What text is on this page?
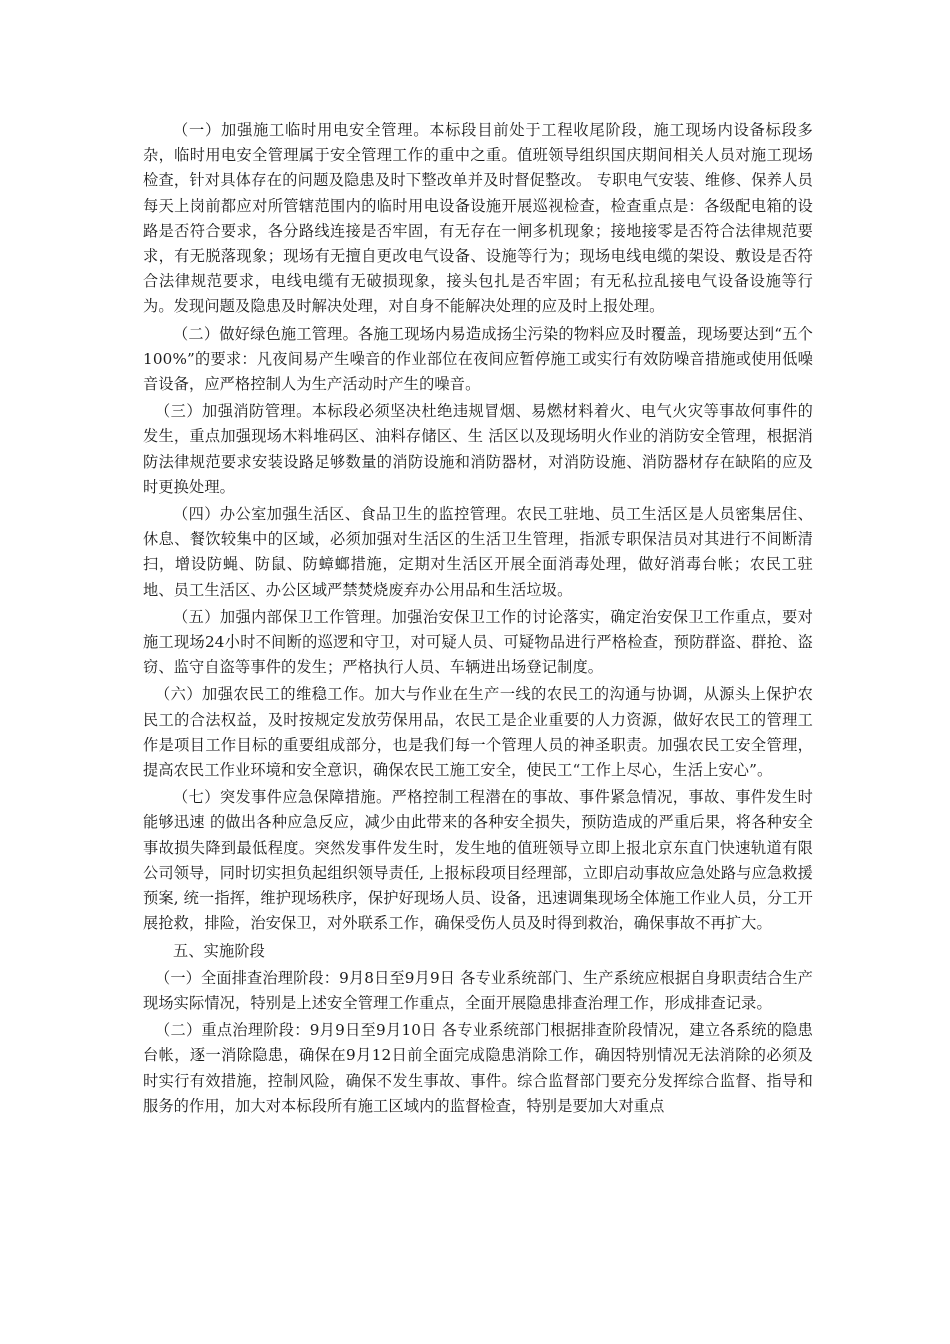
（一）加强施工临时用电安全管理。本标段目前处于工程收尾阶段，施工现场内设备标段多杂，临时用电安全管理属于安全管理工作的重中之重。值班领导组织国庆期间相关人员对施工现场检查，针对具体存在的问题及隐患及时下整改单并及时督促整改。 专职电气安装、维修、保养人员每天上岗前都应对所管辖范围内的临时用电设备设施开展巡视检查，检查重点是：各级配电箱的设路是否符合要求，各分路线连接是否牢固，有无存在一闸多机现象；接地接零是否符合法律规范要求，有无脱落现象；现场有无擅自更改电气设备、设施等行为；现场电线电缆的架设、敷设是否符合法律规范要求，电线电缆有无破损现象，接头包扎是否牢固；有无私拉乱接电气设备设施等行为。发现问题及隐患及时解决处理，对自身不能解决处理的应及时上报处理。

（二）做好绿色施工管理。各施工现场内易造成扬尘污染的物料应及时覆盖，现场要达到“五个100%”的要求：凡夜间易产生噪音的作业部位在夜间应暂停施工或实行有效防噪音措施或使用低噪音设备，应严格控制人为生产活动时产生的噪音。

（三）加强消防管理。本标段必须坚决杜绝违规冒烟、易燃材料着火、电气火灾等事故何事件的发生，重点加强现场木料堆码区、油料存储区、生 活区以及现场明火作业的消防安全管理，根据消防法律规范要求安装设路足够数量的消防设施和消防器材，对消防设施、消防器材存在缺陷的应及时更换处理。

（四）办公室加强生活区、食品卫生的监控管理。农民工驻地、员工生活区是人员密集居住、休息、餐饮较集中的区域，必须加强对生活区的生活卫生管理，指派专职保洁员对其进行不间断清扫，增设防蝇、防鼠、防蟑螂措施，定期对生活区开展全面消毒处理，做好消毒台帐；农民工驻地、员工生活区、办公区域严禁焚烧废弃办公用品和生活垃圾。

（五）加强内部保卫工作管理。加强治安保卫工作的讨论落实，确定治安保卫工作重点，要对施工现场24小时不间断的巡逻和守卫，对可疑人员、可疑物品进行严格检查，预防群盗、群抢、盗窃、监守自盗等事件的发生；严格执行人员、车辆进出场登记制度。

（六）加强农民工的维稳工作。加大与作业在生产一线的农民工的沟通与协调，从源头上保护农民工的合法权益，及时按规定发放劳保用品，农民工是企业重要的人力资源，做好农民工的管理工作是项目工作目标的重要组成部分，也是我们每一个管理人员的神圣职责。加强农民工安全管理，提高农民工作业环境和安全意识，确保农民工施工安全，使民工“工作上尽心，生活上安心”。

（七）突发事件应急保障措施。严格控制工程潜在的事故、事件紧急情况，事故、事件发生时能够迅速 的做出各种应急反应，减少由此带来的各种安全损失，预防造成的严重后果，将各种安全事故损失降到最低程度。突然发事件发生时，发生地的值班领导立即上报北京东直门快速轨道有限公司领导，同时切实担负起组织领导责任, 上报标段项目经理部，立即启动事故应急处路与应急救援预案, 统一指挥，维护现场秩序，保护好现场人员、设备，迅速调集现场全体施工作业人员，分工开展抢救，排险，治安保卫，对外联系工作，确保受伤人员及时得到救治，确保事故不再扩大。

五、实施阶段

（一）全面排查治理阶段：9月8日至9月9日 各专业系统部门、生产系统应根据自身职责结合生产现场实际情况，特别是上述安全管理工作重点，全面开展隐患排查治理工作，形成排查记录。

（二）重点治理阶段：9月9日至9月10日 各专业系统部门根据排查阶段情况，建立各系统的隐患台帐，逐一消除隐患，确保在9月12日前全面完成隐患消除工作，确因特别情况无法消除的必须及时实行有效措施，控制风险，确保不发生事故、事件。综合监督部门要充分发挥综合监督、指导和服务的作用，加大对本标段所有施工区域内的监督检查，特别是要加大对重点
